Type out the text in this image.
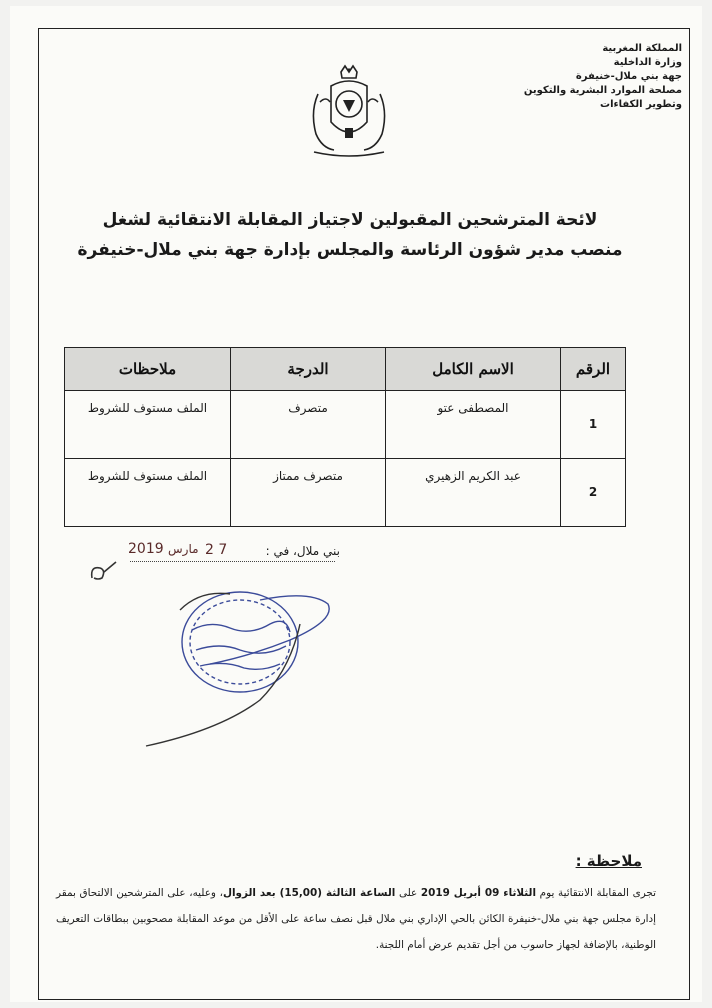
المملكة المغربية
وزارة الداخلية
جهة بني ملال-خنيفرة
مصلحة الموارد البشرية والتكوين
وتطوير الكفاءات
لائحة المترشحين المقبولين لاجتياز المقابلة الانتقائية لشغل
منصب مدير شؤون الرئاسة والمجلس بإدارة جهة بني ملال-خنيفرة
الرقم	الاسم الكامل	الدرجة	ملاحظات
1	المصطفى عتو	متصرف	الملف مستوف للشروط
2	عبد الكريم الزهيري	متصرف ممتاز	الملف مستوف للشروط
بني ملال، في :
2 7
مارس
2019
ملاحظة :
تجرى المقابلة الانتقائية يوم الثلاثاء 09 أبريل 2019 على الساعة الثالثة (15,00) بعد الزوال، وعليه، على المترشحين الالتحاق بمقر إدارة مجلس جهة بني ملال-خنيفرة الكائن بالحي الإداري بني ملال قبل نصف ساعة على الأقل من موعد المقابلة مصحوبين ببطاقات التعريف الوطنية، بالإضافة لجهاز حاسوب من أجل تقديم عرض أمام اللجنة.
